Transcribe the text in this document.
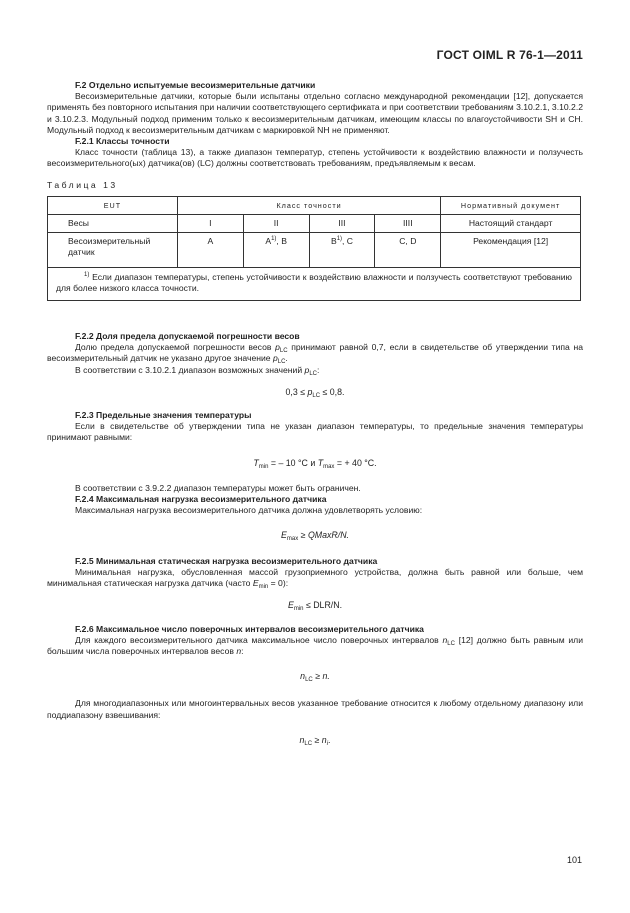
ГОСТ OIML R 76-1—2011
F.2 Отдельно испытуемые весоизмерительные датчики
Весоизмерительные датчики, которые были испытаны отдельно согласно международной рекомендации [12], допускается применять без повторного испытания при наличии соответствующего сертификата и при соответствии требованиям 3.10.2.1, 3.10.2.2 и 3.10.2.3. Модульный подход применим только к весоизмерительным датчикам, имеющим классы по влагоустойчивости SH и CH. Модульный подход к весоизмерительным датчикам с маркировкой NH не применяют.
F.2.1 Классы точности
Класс точности (таблица 13), а также диапазон температур, степень устойчивости к воздействию влажности и ползучесть весоизмерительного(ых) датчика(ов) (LC) должны соответствовать требованиям, предъявляемым к весам.
Таблица 13
EUT	Класс точности				Нормативный документ
Весы	I	II	III	IIII	Настоящий стандарт
Весоизмерительный датчик	A	$A^{1)}$, B	$B^{1)}$, C	C, D	Рекомендация [12]
$^{1)}$ Если диапазон температуры, степень устойчивости к воздействию влажности и ползучесть соответствуют требованию для более низкого класса точности.					
F.2.2 Доля предела допускаемой погрешности весов
Долю предела допускаемой погрешности весов $p_{LC}$ принимают равной 0,7, если в свидетельстве об утверждении типа на весоизмерительный датчик не указано другое значение $p_{LC}$.
В соответствии с 3.10.2.1 диапазон возможных значений $p_{LC}$:
$0,3 \le p_{LC} \le 0,8$.
F.2.3 Предельные значения температуры
Если в свидетельстве об утверждении типа не указан диапазон температуры, то предельные значения температуры принимают равными:
$T_{min}$ = – 10 °С и $T_{max}$ = + 40 °С.
В соответствии с 3.9.2.2 диапазон температуры может быть ограничен.
F.2.4 Максимальная нагрузка весоизмерительного датчика
Максимальная нагрузка весоизмерительного датчика должна удовлетворять условию:
$E_{max}$ ≥ QMaxR/N.
F.2.5 Минимальная статическая нагрузка весоизмерительного датчика
Минимальная нагрузка, обусловленная массой грузоприемного устройства, должна быть равной или больше, чем минимальная статическая нагрузка датчика (часто $E_{min} = 0$):
$E_{min} \le DLR/N$.
F.2.6 Максимальное число поверочных интервалов весоизмерительного датчика
Для каждого весоизмерительного датчика максимальное число поверочных интервалов $n_{LC}$ [12] должно быть равным или большим числа поверочных интервалов весов n:
$n_{LC} \ge n$.
Для многодиапазонных или многоинтервальных весов указанное требование относится к любому отдельному диапазону или поддиапазону взвешивания:
$n_{LC} \ge n_i$.
101
